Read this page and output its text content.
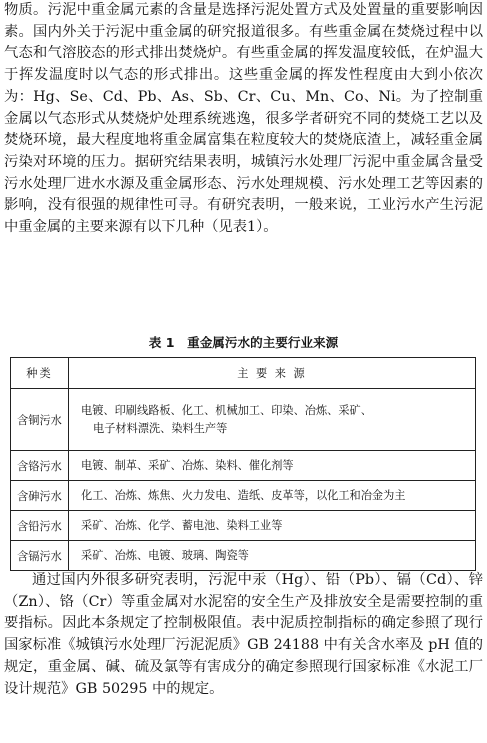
物质。污泥中重金属元素的含量是选择污泥处置方式及处置量的重要影响因素。国内外关于污泥中重金属的研究报道很多。有些重金属在焚烧过程中以气态和气溶胶态的形式排出焚烧炉。有些重金属的挥发温度较低，在炉温大于挥发温度时以气态的形式排出。这些重金属的挥发性程度由大到小依次为：Hg、Se、Cd、Pb、As、Sb、Cr、Cu、Mn、Co、Ni。为了控制重金属以气态形式从焚烧炉处理系统逃逸，很多学者研究不同的焚烧工艺以及焚烧环境，最大程度地将重金属富集在粒度较大的焚烧底渣上，减轻重金属污染对环境的压力。据研究结果表明，城镇污水处理厂污泥中重金属含量受污水处理厂进水水源及重金属形态、污水处理规模、污水处理工艺等因素的影响，没有很强的规律性可寻。有研究表明，一般来说，工业污水产生污泥中重金属的主要来源有以下几种（见表1）。

表 1　重金属污水的主要行业来源
种类	主 要 来 源
含铜污水	电镀、印刷线路板、化工、机械加工、印染、冶炼、采矿、
电子材料漂洗、染料生产等

含铬污水	电镀、制革、采矿、冶炼、染料、催化剂等

含砷污水	化工、冶炼、炼焦、火力发电、造纸、皮革等，以化工和冶金为主

含铅污水	采矿、冶炼、化学、蓄电池、染料工业等

含镉污水	采矿、冶炼、电镀、玻璃、陶瓷等

通过国内外很多研究表明，污泥中汞（Hg）、铅（Pb）、镉（Cd）、锌（Zn）、铬（Cr）等重金属对水泥窑的安全生产及排放安全是需要控制的重要指标。因此本条规定了控制极限值。表中泥质控制指标的确定参照了现行国家标准《城镇污水处理厂污泥泥质》GB 24188 中有关含水率及 pH 值的规定，重金属、碱、硫及氯等有害成分的确定参照现行国家标准《水泥工厂设计规范》GB 50295 中的规定。
